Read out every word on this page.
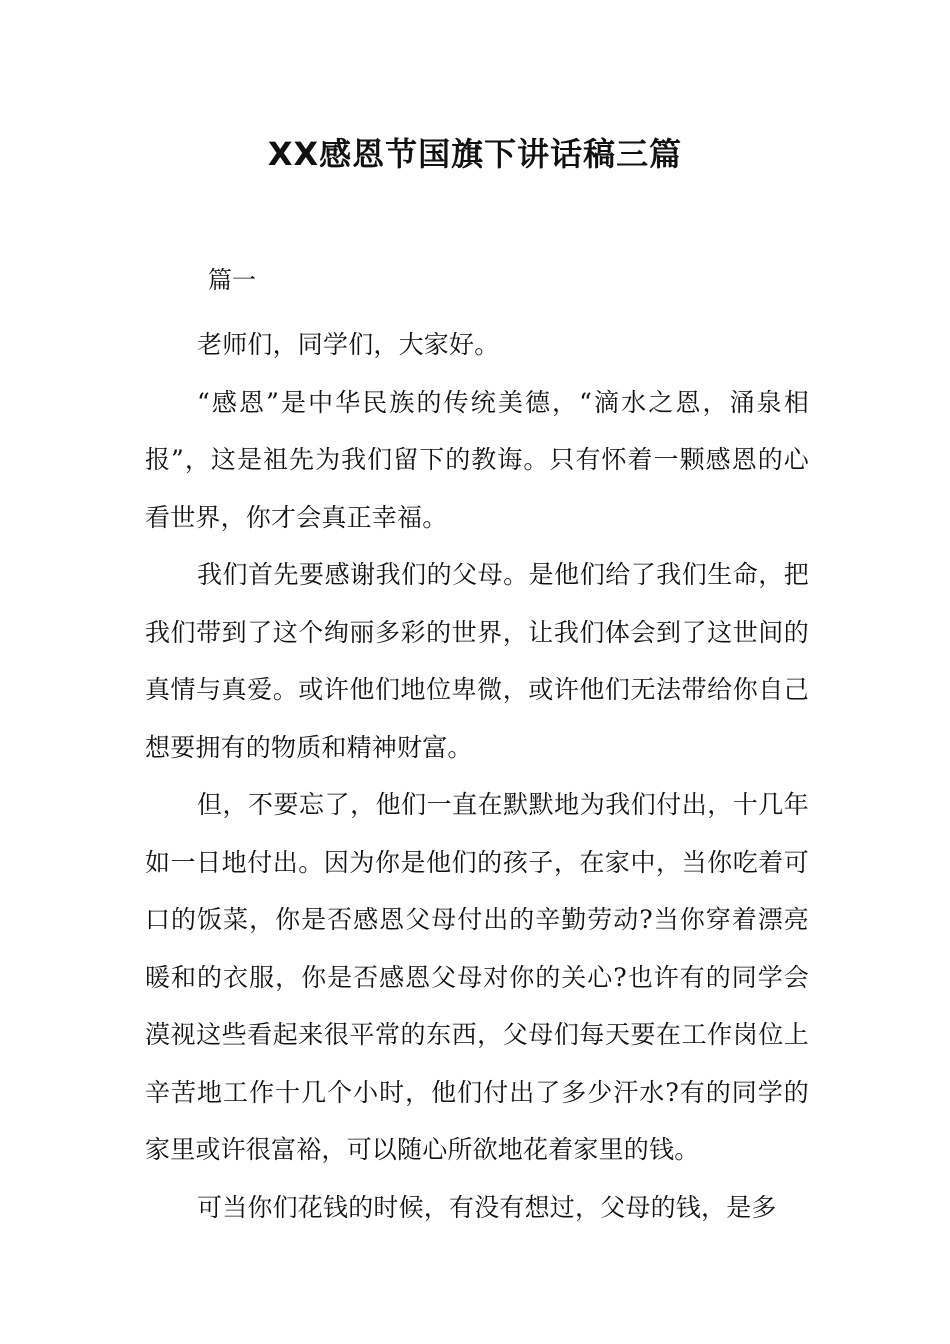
XX感恩节国旗下讲话稿三篇

篇一

老师们，同学们，大家好。

“感恩”是中华民族的传统美德，“滴水之恩，涌泉相报”，这是祖先为我们留下的教诲。只有怀着一颗感恩的心看世界，你才会真正幸福。

我们首先要感谢我们的父母。是他们给了我们生命，把我们带到了这个绚丽多彩的世界，让我们体会到了这世间的真情与真爱。或许他们地位卑微，或许他们无法带给你自己想要拥有的物质和精神财富。

但，不要忘了，他们一直在默默地为我们付出，十几年如一日地付出。因为你是他们的孩子，在家中，当你吃着可口的饭菜，你是否感恩父母付出的辛勤劳动?当你穿着漂亮暖和的衣服，你是否感恩父母对你的关心?也许有的同学会漠视这些看起来很平常的东西，父母们每天要在工作岗位上辛苦地工作十几个小时，他们付出了多少汗水?有的同学的家里或许很富裕，可以随心所欲地花着家里的钱。

可当你们花钱的时候，有没有想过，父母的钱，是多
